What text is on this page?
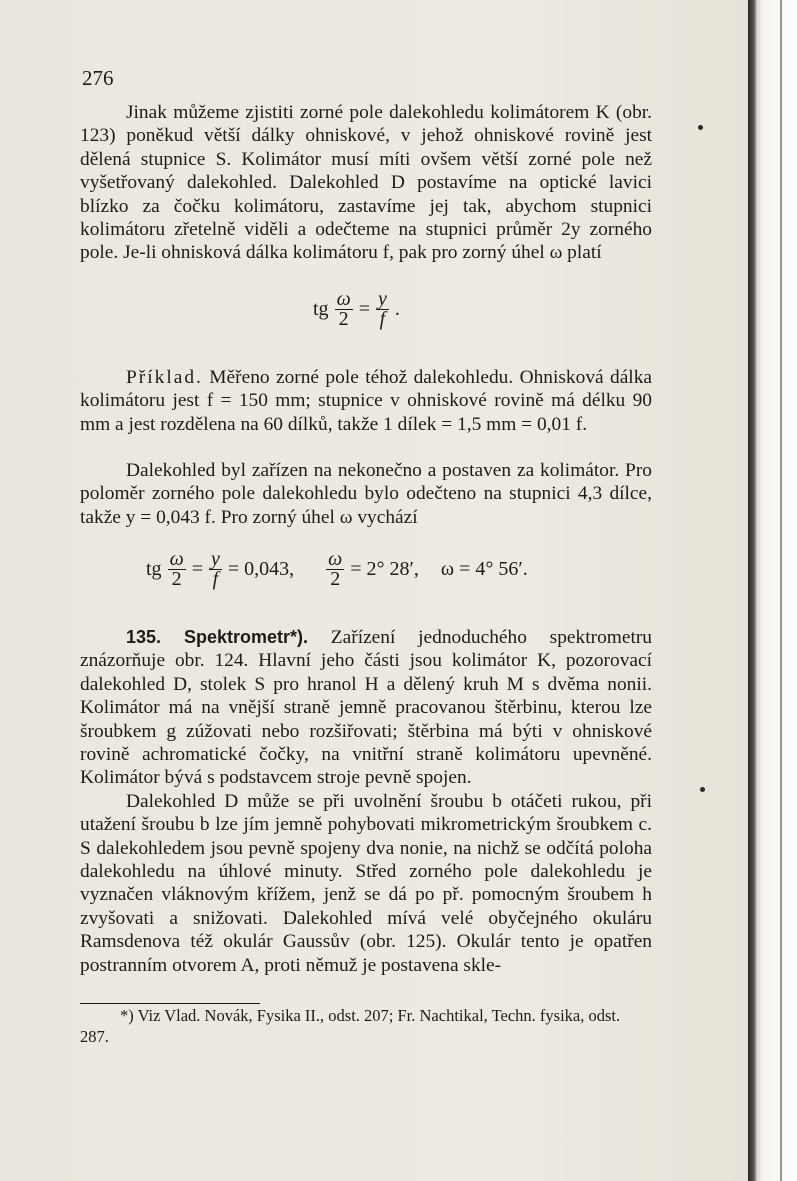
276

Jinak můžeme zjistiti zorné pole dalekohledu kolimátorem K (obr. 123) poněkud větší dálky ohniskové, v jehož ohniskové rovině jest dělená stupnice S. Kolimátor musí míti ovšem větší zorné pole než vyšetřovaný dalekohled. Dalekohled D postavíme na optické lavici blízko za čočku kolimátoru, zastavíme jej tak, abychom stupnici kolimátoru zřetelně viděli a odečteme na stupnici průměr 2y zorného pole. Je-li ohnisková dálka kolimátoru f, pak pro zorný úhel ω platí

tg $\frac{\omega}{2} = \frac{y}{f}$ .

Příklad. Měřeno zorné pole téhož dalekohledu. Ohnisková dálka kolimátoru jest f = 150 mm; stupnice v ohniskové rovině má délku 90 mm a jest rozdělena na 60 dílků, takže 1 dílek = 1,5 mm = 0,01 f.

Dalekohled byl zařízen na nekonečno a postaven za kolimátor. Pro poloměr zorného pole dalekohledu bylo odečteno na stupnici 4,3 dílce, takže y = 0,043 f. Pro zorný úhel ω vychází

tg $\frac{\omega}{2} = \frac{y}{f} = 0,043$, $\frac{\omega}{2} = 2^\circ$ 28′, ω = 4° 56′.

135. Spektrometr*). Zařízení jednoduchého spektrometru znázorňuje obr. 124. Hlavní jeho části jsou kolimátor K, pozorovací dalekohled D, stolek S pro hranol H a dělený kruh M s dvěma nonii. Kolimátor má na vnější straně jemně pracovanou štěrbinu, kterou lze šroubkem g zúžovati nebo rozšiřovati; štěrbina má býti v ohniskové rovině achromatické čočky, na vnitřní straně kolimátoru upevněné. Kolimátor bývá s podstavcem stroje pevně spojen.

Dalekohled D může se při uvolnění šroubu b otáčeti rukou, při utažení šroubu b lze jím jemně pohybovati mikrometrickým šroubkem c. S dalekohledem jsou pevně spojeny dva nonie, na nichž se odčítá poloha dalekohledu na úhlové minuty. Střed zorného pole dalekohledu je vyznačen vláknovým křížem, jenž se dá po př. pomocným šroubem h zvyšovati a snižovati. Dalekohled mívá velé obyčejného okuláru Ramsdenova též okulár Gaussův (obr. 125). Okulár tento je opatřen postranním otvorem A, proti němuž je postavena skle-

*) Viz Vlad. Novák, Fysika II., odst. 207; Fr. Nachtikal, Techn. fysika, odst. 287.
